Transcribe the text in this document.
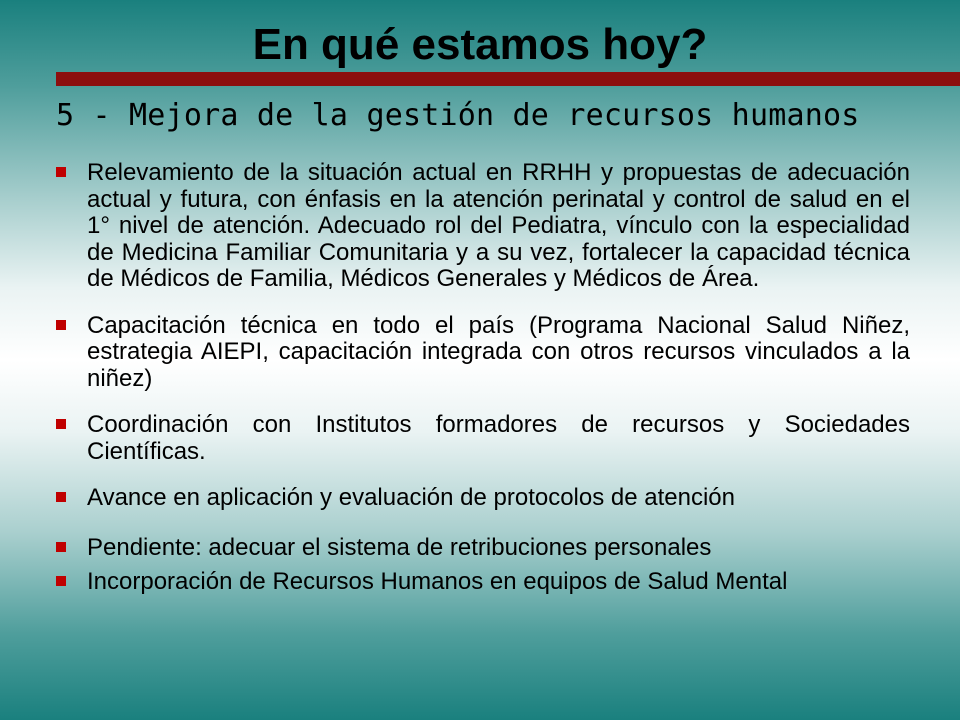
En qué estamos hoy?
5 - Mejora de la gestión de recursos humanos
Relevamiento de la situación actual en RRHH y propuestas de adecuación actual y futura, con énfasis en la atención perinatal y control de salud en el 1° nivel de atención. Adecuado rol del Pediatra, vínculo con la especialidad de Medicina Familiar Comunitaria y a su vez, fortalecer la capacidad técnica de Médicos de Familia, Médicos Generales y Médicos de Área.
Capacitación técnica en todo el país (Programa Nacional Salud Niñez, estrategia AIEPI, capacitación integrada con otros recursos vinculados a la niñez)
Coordinación con Institutos formadores de recursos y Sociedades Científicas.
Avance en aplicación y evaluación de protocolos de atención
Pendiente: adecuar el sistema de retribuciones personales
Incorporación de Recursos Humanos en equipos de Salud Mental
